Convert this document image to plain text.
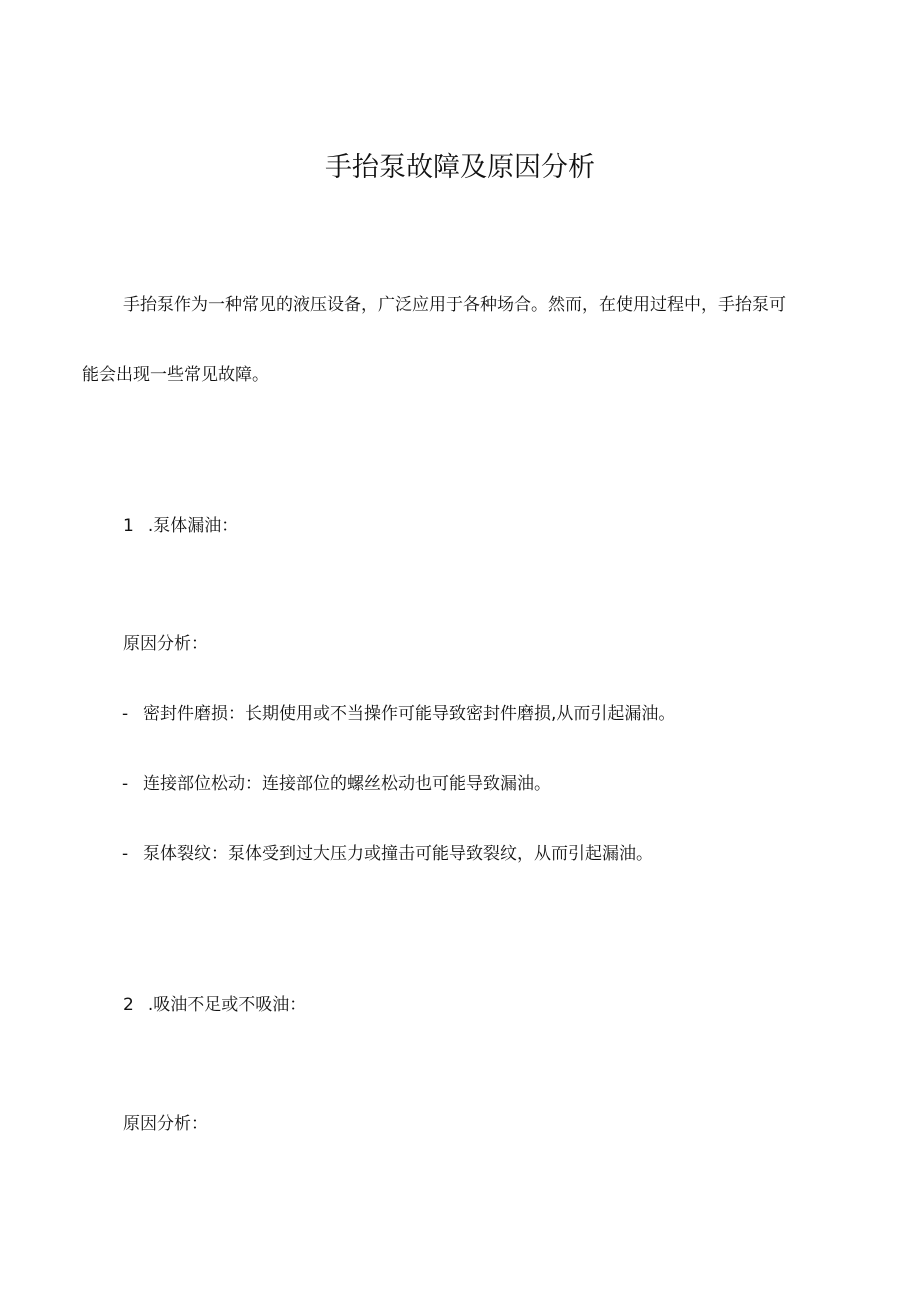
手抬泵故障及原因分析
手抬泵作为一种常见的液压设备，广泛应用于各种场合。然而，在使用过程中，手抬泵可
能会出现一些常见故障。
1 .泵体漏油：
原因分析：
- 密封件磨损：长期使用或不当操作可能导致密封件磨损,从而引起漏油。
- 连接部位松动：连接部位的螺丝松动也可能导致漏油。
- 泵体裂纹：泵体受到过大压力或撞击可能导致裂纹，从而引起漏油。
2 .吸油不足或不吸油：
原因分析：
